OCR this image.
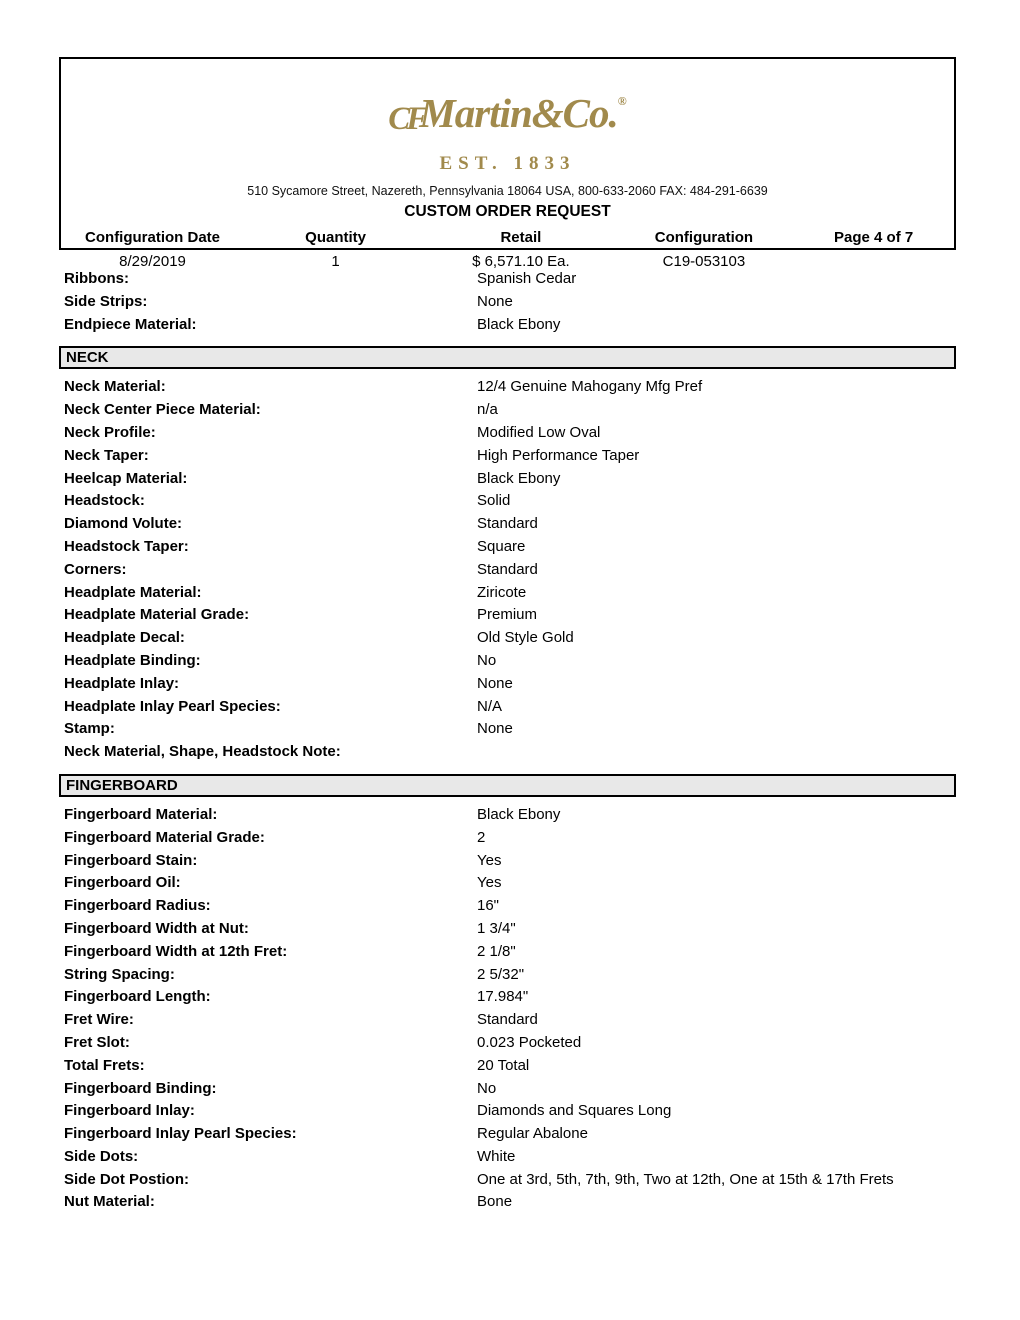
CFMartin&Co.®
EST. 1833
510 Sycamore Street, Nazereth, Pennsylvania 18064 USA, 800-633-2060 FAX: 484-291-6639
CUSTOM ORDER REQUEST
Configuration Date	Quantity	Retail	Configuration	Page 4 of 7
8/29/2019	1	$ 6,571.10 Ea.	C19-053103
Ribbons:	Spanish Cedar
Side Strips:	None
Endpiece Material:	Black Ebony
NECK
Neck Material:	12/4 Genuine Mahogany Mfg Pref
Neck Center Piece Material:	n/a
Neck Profile:	Modified Low Oval
Neck Taper:	High Performance Taper
Heelcap Material:	Black Ebony
Headstock:	Solid
Diamond Volute:	Standard
Headstock Taper:	Square
Corners:	Standard
Headplate Material:	Ziricote
Headplate Material Grade:	Premium
Headplate Decal:	Old Style Gold
Headplate Binding:	No
Headplate Inlay:	None
Headplate Inlay Pearl Species:	N/A
Stamp:	None
Neck Material, Shape, Headstock Note:
FINGERBOARD
Fingerboard Material:	Black Ebony
Fingerboard Material Grade:	2
Fingerboard Stain:	Yes
Fingerboard Oil:	Yes
Fingerboard Radius:	16"
Fingerboard Width at Nut:	1 3/4"
Fingerboard Width at 12th Fret:	2 1/8"
String Spacing:	2 5/32"
Fingerboard Length:	17.984"
Fret Wire:	Standard
Fret Slot:	0.023 Pocketed
Total Frets:	20 Total
Fingerboard Binding:	No
Fingerboard Inlay:	Diamonds and Squares Long
Fingerboard Inlay Pearl Species:	Regular Abalone
Side Dots:	White
Side Dot Postion:	One at 3rd, 5th, 7th, 9th, Two at 12th, One at 15th & 17th Frets
Nut Material:	Bone
